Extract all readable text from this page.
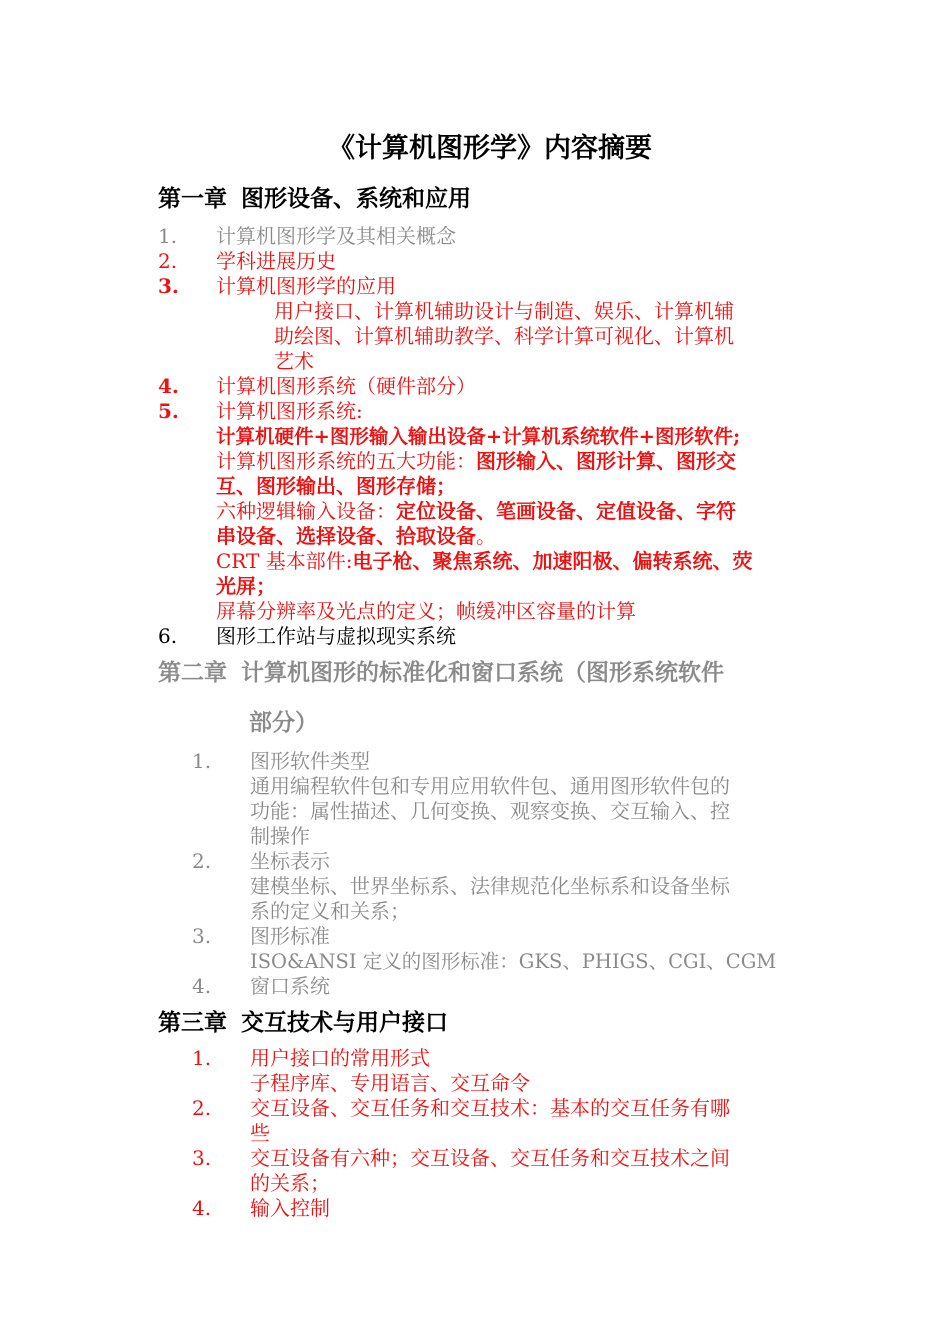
《计算机图形学》内容摘要
第一章 图形设备、系统和应用
1. 计算机图形学及其相关概念
2. 学科进展历史
3. 计算机图形学的应用
用户接口、计算机辅助设计与制造、娱乐、计算机辅
助绘图、计算机辅助教学、科学计算可视化、计算机
艺术
4. 计算机图形系统（硬件部分）
5. 计算机图形系统:
计算机硬件+图形输入输出设备+计算机系统软件+图形软件;
计算机图形系统的五大功能：图形输入、图形计算、图形交
互、图形输出、图形存储；
六种逻辑输入设备：定位设备、笔画设备、定值设备、字符
串设备、选择设备、拾取设备。
CRT 基本部件:电子枪、聚焦系统、加速阳极、偏转系统、荧
光屏；
屏幕分辨率及光点的定义；帧缓冲区容量的计算
6. 图形工作站与虚拟现实系统
第二章 计算机图形的标准化和窗口系统（图形系统软件
部分）
1. 图形软件类型
通用编程软件包和专用应用软件包、通用图形软件包的
功能：属性描述、几何变换、观察变换、交互输入、控
制操作
2. 坐标表示
建模坐标、世界坐标系、法律规范化坐标系和设备坐标
系的定义和关系；
3. 图形标准
ISO&ANSI 定义的图形标准：GKS、PHIGS、CGI、CGM
4. 窗口系统
第三章 交互技术与用户接口
1. 用户接口的常用形式
子程序库、专用语言、交互命令
2. 交互设备、交互任务和交互技术：基本的交互任务有哪
些
3. 交互设备有六种；交互设备、交互任务和交互技术之间
的关系；
4. 输入控制
